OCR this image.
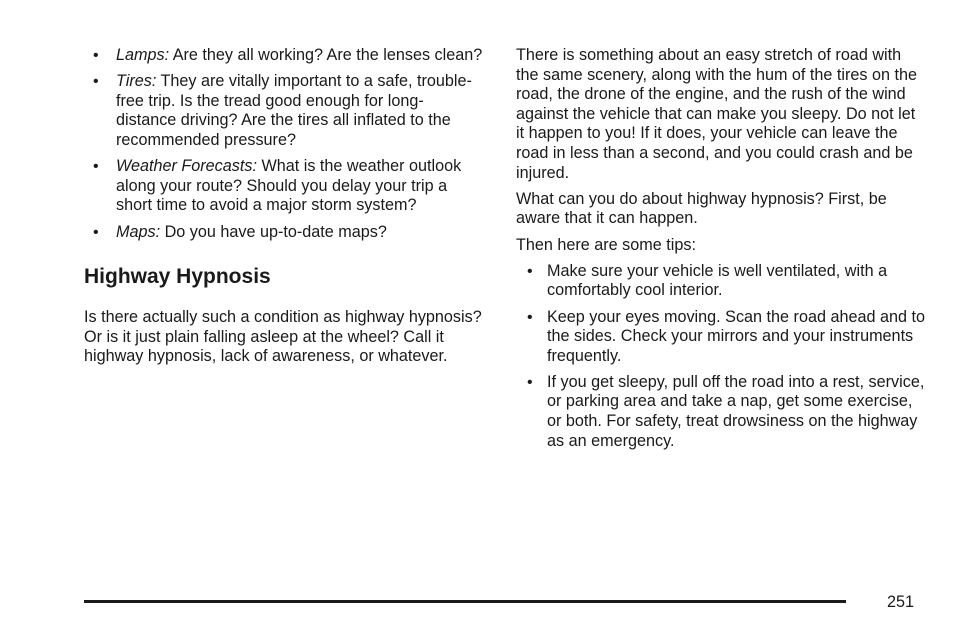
• Lamps: Are they all working? Are the lenses clean?
• Tires: They are vitally important to a safe, trouble-free trip. Is the tread good enough for long-distance driving? Are the tires all inflated to the recommended pressure?
• Weather Forecasts: What is the weather outlook along your route? Should you delay your trip a short time to avoid a major storm system?
• Maps: Do you have up-to-date maps?
Highway Hypnosis

Is there actually such a condition as highway hypnosis? Or is it just plain falling asleep at the wheel? Call it highway hypnosis, lack of awareness, or whatever.

There is something about an easy stretch of road with the same scenery, along with the hum of the tires on the road, the drone of the engine, and the rush of the wind against the vehicle that can make you sleepy. Do not let it happen to you! If it does, your vehicle can leave the road in less than a second, and you could crash and be injured.

What can you do about highway hypnosis? First, be aware that it can happen.

Then here are some tips:

• Make sure your vehicle is well ventilated, with a comfortably cool interior.
• Keep your eyes moving. Scan the road ahead and to the sides. Check your mirrors and your instruments frequently.
• If you get sleepy, pull off the road into a rest, service, or parking area and take a nap, get some exercise, or both. For safety, treat drowsiness on the highway as an emergency.
251
